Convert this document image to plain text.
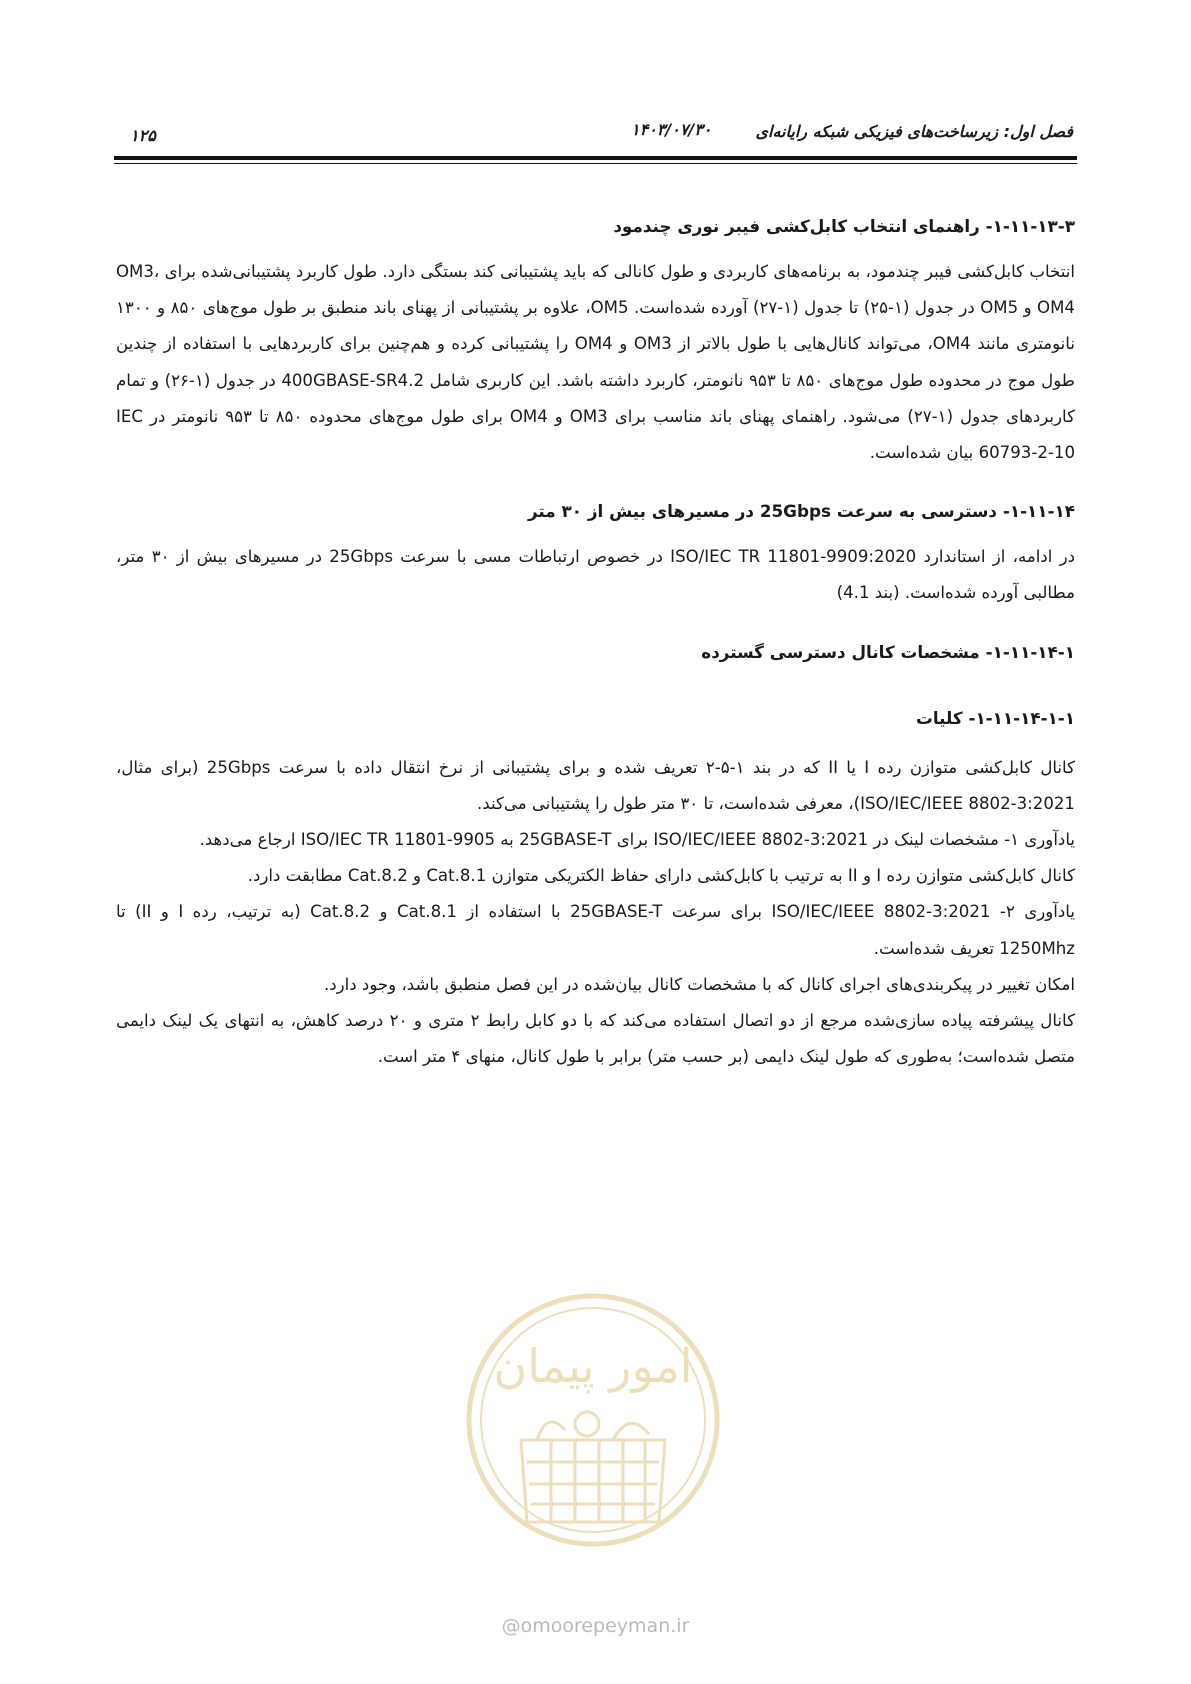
۱۲۵	۱۴۰۳/۰۷/۳۰	فصل اول: زیرساخت‌های فیزیکی شبکه رایانه‌ای
۱-۱۱-۱۳-۳- راهنمای انتخاب کابل‌کشی فیبر نوری چندمود

انتخاب کابل‌کشی فیبر چندمود، به برنامه‌های کاربردی و طول کانالی که باید پشتیبانی کند بستگی دارد. طول کاربرد پشتیبانی‌شده برای OM3، OM4 و OM5 در جدول (۱-۲۵) تا جدول (۱-۲۷) آورده شده‌است. OM5، علاوه بر پشتیبانی از پهنای باند منطبق بر طول موج‌های ۸۵۰ و ۱۳۰۰ نانومتری مانند OM4، می‌تواند کانال‌هایی با طول بالاتر از OM3 و OM4 را پشتیبانی کرده و هم‌چنین برای کاربردهایی با استفاده از چندین طول موج در محدوده طول موج‌های ۸۵۰ تا ۹۵۳ نانومتر، کاربرد داشته باشد. این کاربری شامل 400GBASE-SR4.2 در جدول (۱-۲۶) و تمام کاربردهای جدول (۱-۲۷) می‌شود. راهنمای پهنای باند مناسب برای OM3 و OM4 برای طول موج‌های محدوده ۸۵۰ تا ۹۵۳ نانومتر در IEC 60793-2-10 بیان شده‌است.

۱-۱۱-۱۴- دسترسی به سرعت 25Gbps در مسیرهای بیش از ۳۰ متر

در ادامه، از استاندارد ISO/IEC TR 11801-9909:2020 در خصوص ارتباطات مسی با سرعت 25Gbps در مسیرهای بیش از ۳۰ متر، مطالبی آورده شده‌است. (بند 4.1)

۱-۱۱-۱۴-۱- مشخصات کانال دسترسی گسترده
۱-۱۱-۱۴-۱-۱- کلیات

کانال کابل‌کشی متوازن رده I یا II که در بند ۱-۵-۲ تعریف شده و برای پشتیبانی از نرخ انتقال داده با سرعت 25Gbps (برای مثال، ISO/IEC/IEEE 8802-3:2021)، معرفی شده‌است، تا ۳۰ متر طول را پشتیبانی می‌کند.

یادآوری ۱- مشخصات لینک در ISO/IEC/IEEE 8802-3:2021 برای 25GBASE-T به ISO/IEC TR 11801-9905 ارجاع می‌دهد.

کانال کابل‌کشی متوازن رده I و II به ترتیب با کابل‌کشی دارای حفاظ الکتریکی متوازن Cat.8.1 و Cat.8.2 مطابقت دارد.

یادآوری ۲- ISO/IEC/IEEE 8802-3:2021 برای سرعت 25GBASE-T با استفاده از Cat.8.1 و Cat.8.2 (به ترتیب، رده I و II) تا 1250Mhz تعریف شده‌است.

امکان تغییر در پیکربندی‌های اجرای کانال که با مشخصات کانال بیان‌شده در این فصل منطبق باشد، وجود دارد.

کانال پیشرفته پیاده سازی‌شده مرجع از دو اتصال استفاده می‌کند که با دو کابل رابط ۲ متری و ۲۰ درصد کاهش، به انتهای یک لینک دایمی متصل شده‌است؛ به‌طوری که طول لینک دایمی (بر حسب متر) برابر با طول کانال، منهای ۴ متر است.

امور پیمان
@omoorepeyman.ir
